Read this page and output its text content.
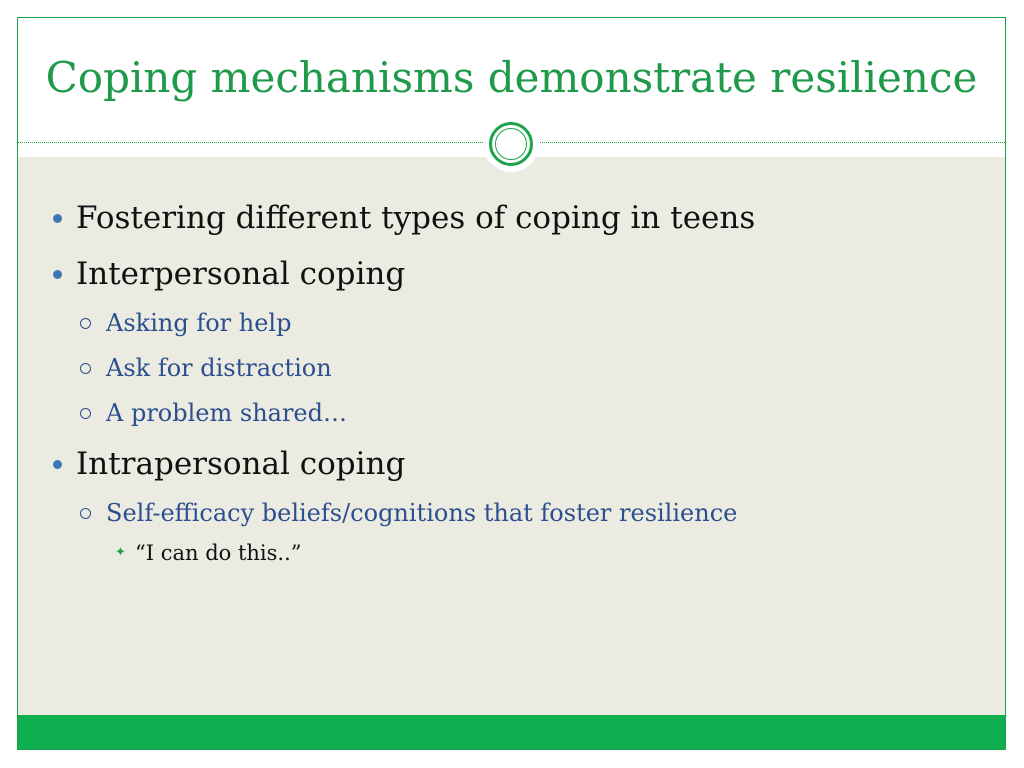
Coping mechanisms demonstrate resilience
Fostering different types of coping in teens
Interpersonal coping
Asking for help
Ask for distraction
A problem shared…
Intrapersonal coping
Self-efficacy beliefs/cognitions that foster resilience
✦ “I can do this..”
